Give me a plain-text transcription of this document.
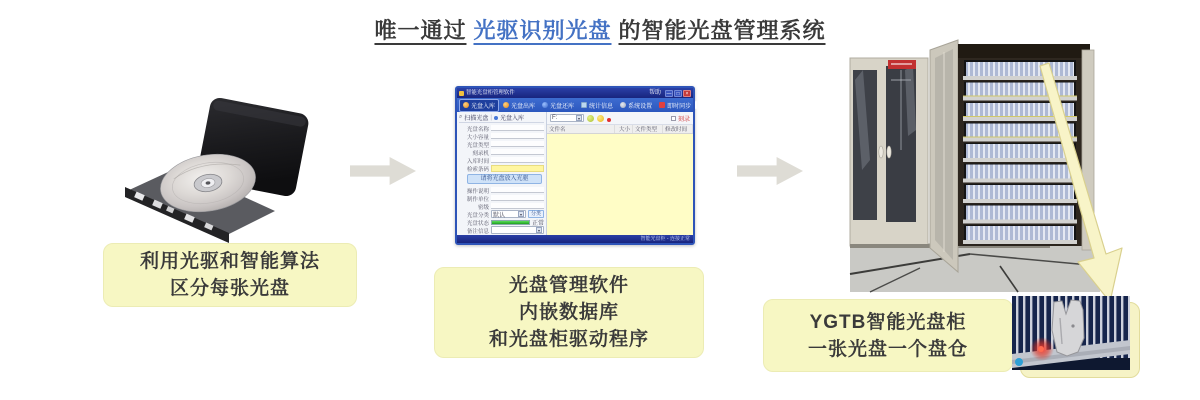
唯一通过 光驱识别光盘 的智能光盘管理系统
利用光驱和智能算法
区分每张光盘
智能光盘柜管理软件	帮助	— □	×
光盘入库	光盘出库	光盘还库	统计信息	系统设置	即时同步
⌕ 扫描光盘 | 光盘入库
光盘名称
大小容量
光盘类型
刻录机
入库时间
检索条码
请将光盘放入光驱
操作说明
制作单位
密级
光盘分类 默认	▾	分类
光盘状态	正常
备注信息	▾
F:	▾	刻录
文件名	大小 文件类型	修改时间
智能光盘柜 - 连接正常
光盘管理软件
内嵌数据库
和光盘柜驱动程序
YGTB智能光盘柜
一张光盘一个盘仓
